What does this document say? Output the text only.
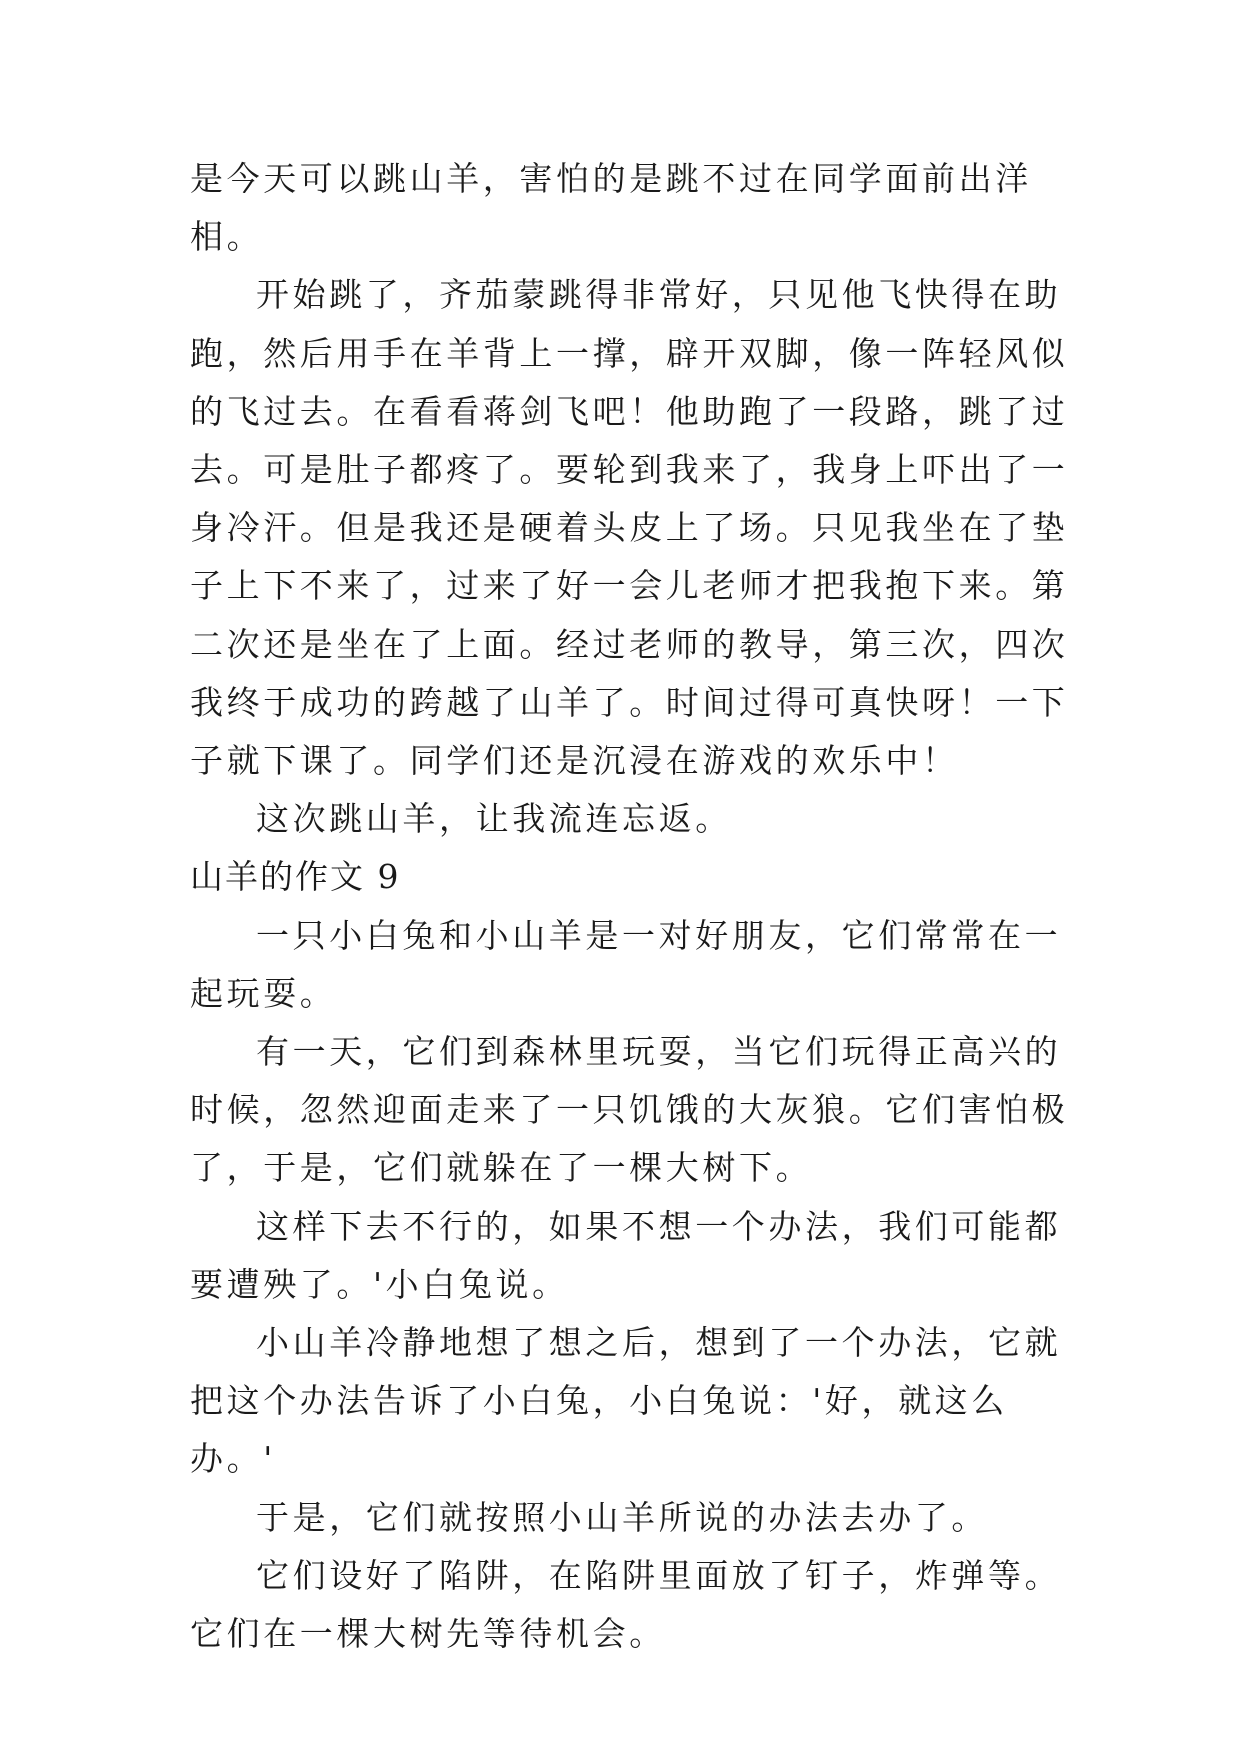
是今天可以跳山羊，害怕的是跳不过在同学面前出洋相。

开始跳了，齐茄蒙跳得非常好，只见他飞快得在助跑，然后用手在羊背上一撑，辟开双脚，像一阵轻风似的飞过去。在看看蒋剑飞吧！他助跑了一段路，跳了过去。可是肚子都疼了。要轮到我来了，我身上吓出了一身冷汗。但是我还是硬着头皮上了场。只见我坐在了垫子上下不来了，过来了好一会儿老师才把我抱下来。第二次还是坐在了上面。经过老师的教导，第三次，四次我终于成功的跨越了山羊了。时间过得可真快呀！一下子就下课了。同学们还是沉浸在游戏的欢乐中！

这次跳山羊，让我流连忘返。

山羊的作文 9

一只小白兔和小山羊是一对好朋友，它们常常在一起玩耍。

有一天，它们到森林里玩耍，当它们玩得正高兴的时候，忽然迎面走来了一只饥饿的大灰狼。它们害怕极了，于是，它们就躲在了一棵大树下。

这样下去不行的，如果不想一个办法，我们可能都要遭殃了。'小白兔说。

小山羊冷静地想了想之后，想到了一个办法，它就把这个办法告诉了小白兔，小白兔说：'好，就这么办。'

于是，它们就按照小山羊所说的办法去办了。

它们设好了陷阱，在陷阱里面放了钉子，炸弹等。它们在一棵大树先等待机会。
